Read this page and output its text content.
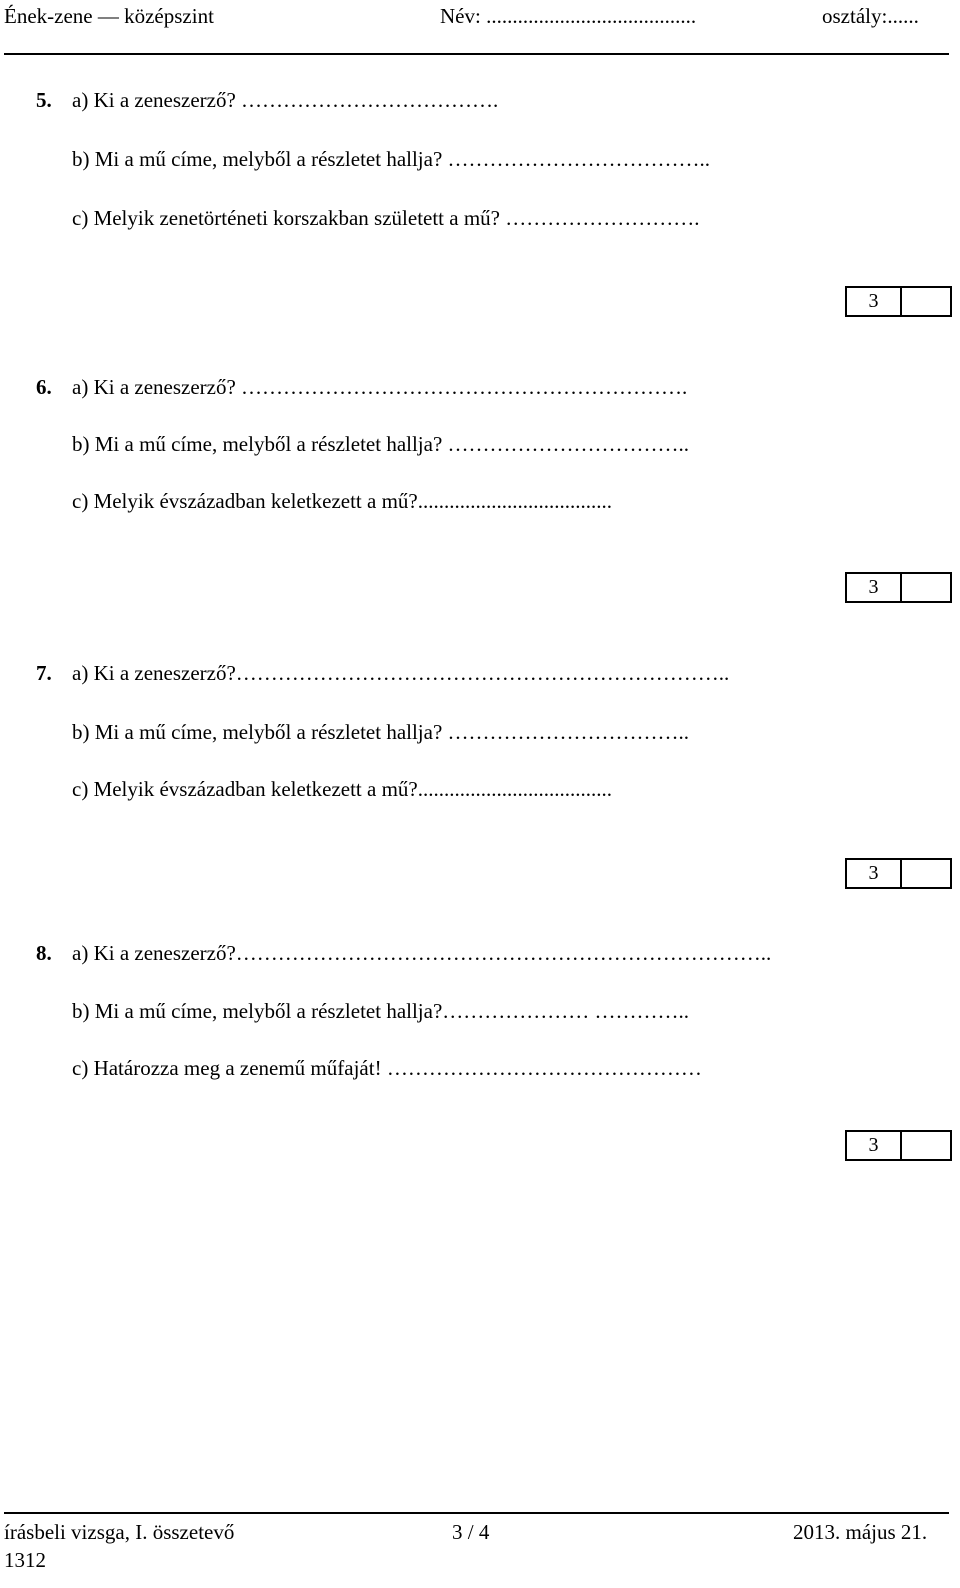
Ének-zene — középszint	Név: ........................................	osztály:......
5. a) Ki a zeneszerző? ……………………………….
b) Mi a mű címe, melyből a részletet hallja? ………………………………..
c) Melyik zenetörténeti korszakban született a mű? ……………………….
3
6. a) Ki a zeneszerző? ……………………………………………………….
b) Mi a mű címe, melyből a részletet hallja? ……………………………..
c) Melyik évszázadban keletkezett a mű?.....................................
3
7. a) Ki a zeneszerző?……………………………………………………………..
b) Mi a mű címe, melyből a részletet hallja? ……………………………..
c) Melyik évszázadban keletkezett a mű?.....................................
3
8. a) Ki a zeneszerző?…………………………………………………………………..
b) Mi a mű címe, melyből a részletet hallja?………………… …………..
c) Határozza meg a zenemű műfaját! ………………………………………
3
írásbeli vizsga, I. összetevő
1312
3 / 4	2013. május 21.
